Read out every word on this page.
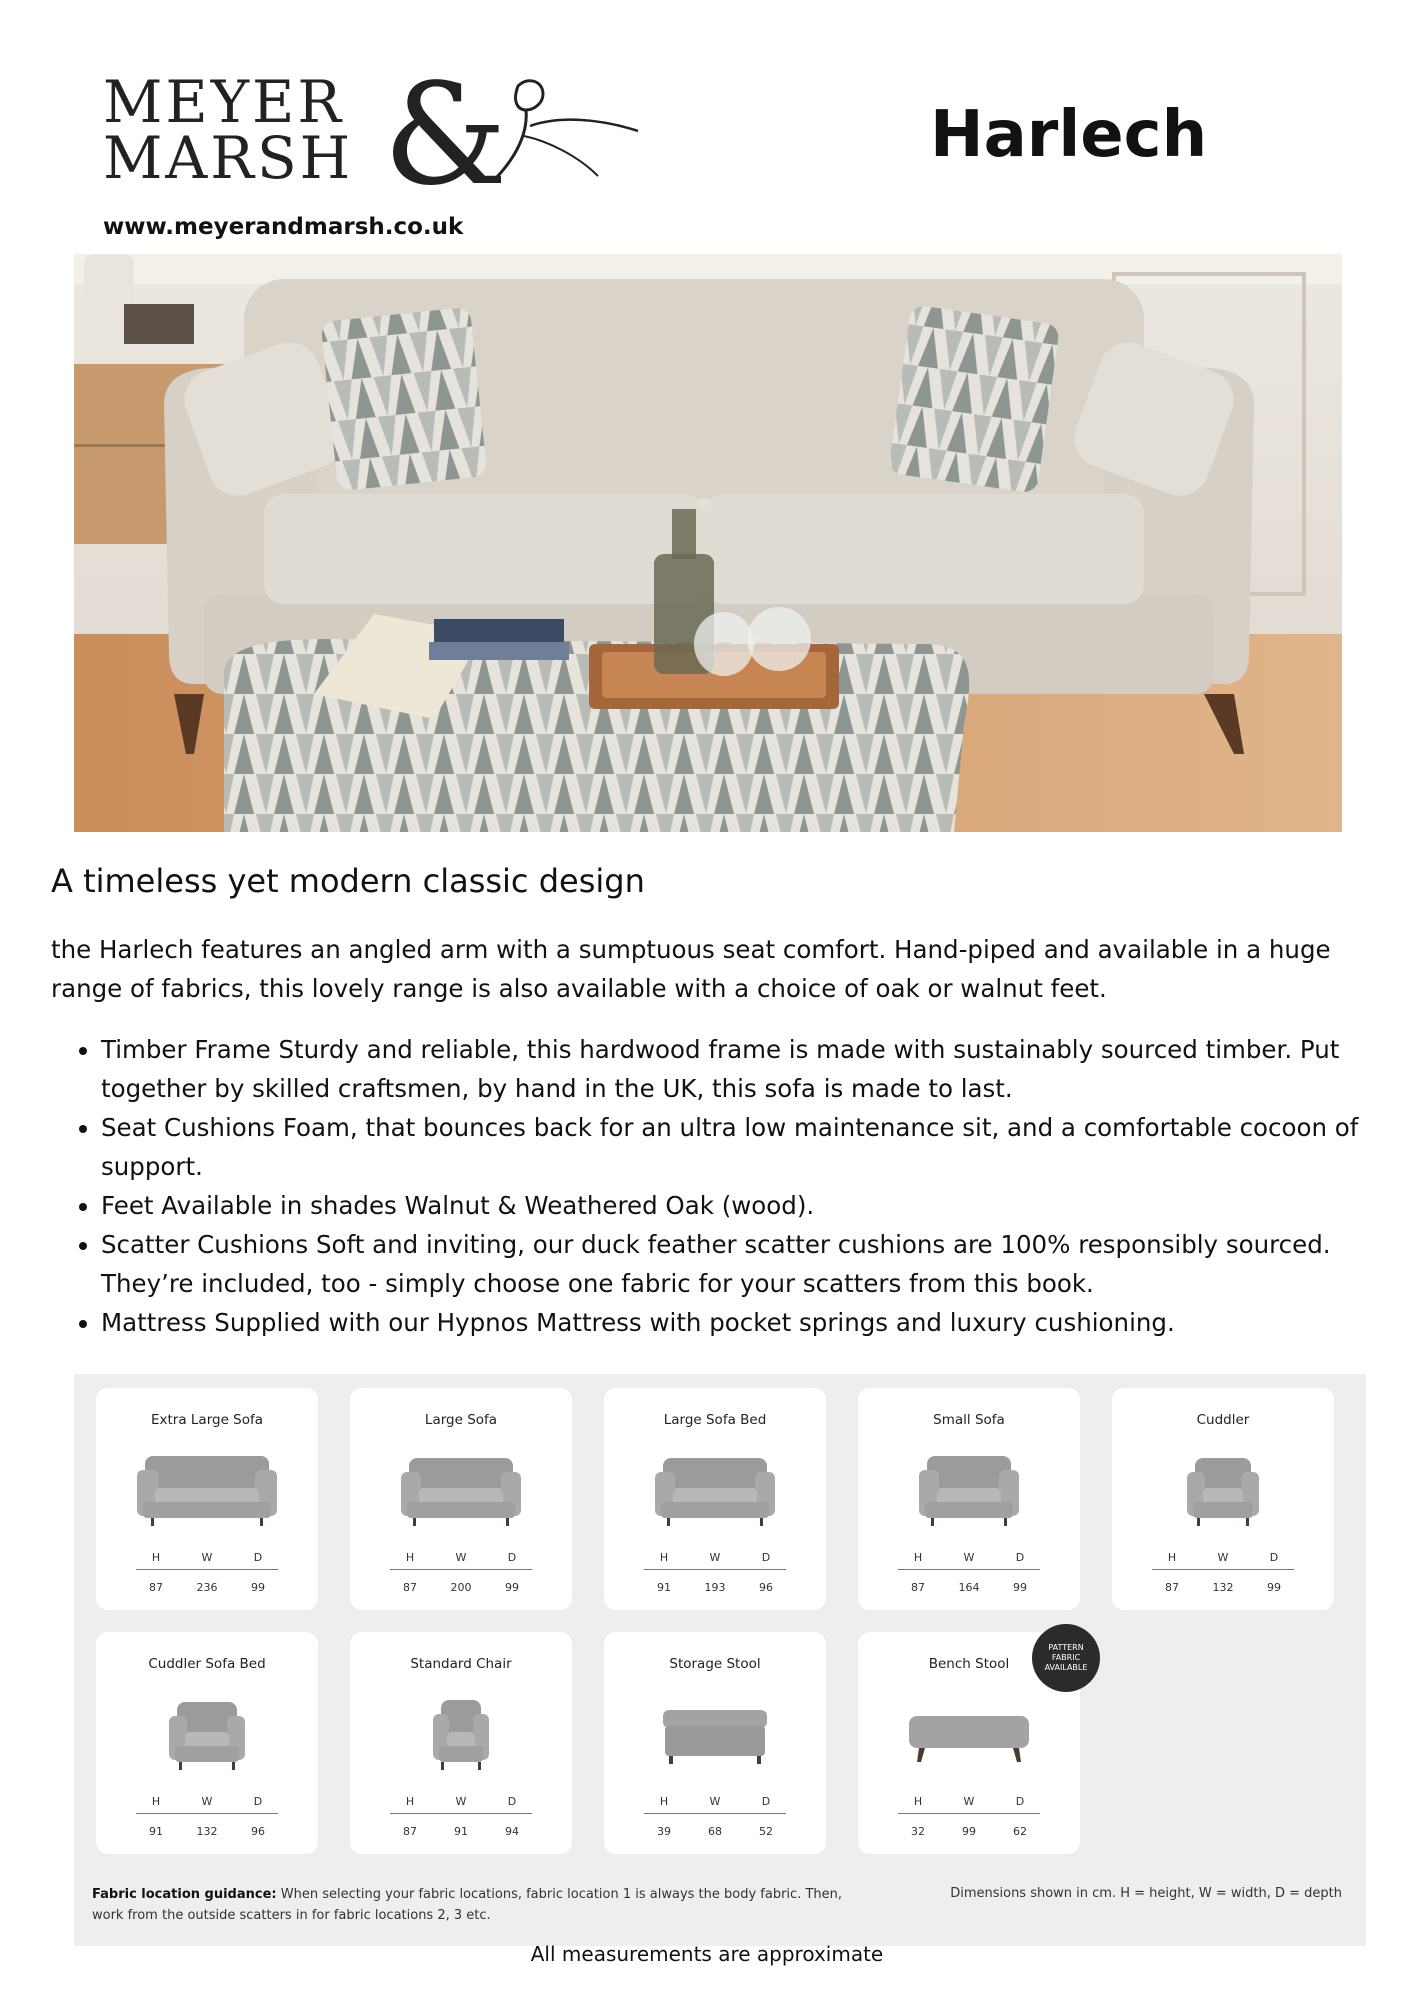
MEYER
MARSH &
www.meyerandmarsh.co.uk
Harlech
A timeless yet modern classic design

the Harlech features an angled arm with a sumptuous seat comfort. Hand-piped and available in a huge range of fabrics, this lovely range is also available with a choice of oak or walnut feet.

• Timber Frame Sturdy and reliable, this hardwood frame is made with sustainably sourced timber. Put together by skilled craftsmen, by hand in the UK, this sofa is made to last.
• Seat Cushions Foam, that bounces back for an ultra low maintenance sit, and a comfortable cocoon of support.
• Feet Available in shades Walnut & Weathered Oak (wood).
• Scatter Cushions Soft and inviting, our duck feather scatter cushions are 100% responsibly sourced. They’re included, too - simply choose one fabric for your scatters from this book.
• Mattress Supplied with our Hypnos Mattress with pocket springs and luxury cushioning.
Extra Large Sofa
H	W	D
87	236	99
Large Sofa
H	W	D
87	200	99
Large Sofa Bed
H	W	D
91	193	96
Small Sofa
H	W	D
87	164	99
Cuddler
H	W	D
87	132	99
Cuddler Sofa Bed
H	W	D
91	132	96
Standard Chair
H	W	D
87	91	94
Storage Stool
H	W	D
39	68	52
Bench Stool
H	W	D
32	99	62
PATTERN
FABRIC
AVAILABLE
Fabric location guidance: When selecting your fabric locations, fabric location 1 is always the body fabric. Then, work from the outside scatters in for fabric locations 2, 3 etc.
Dimensions shown in cm. H = height, W = width, D = depth
All measurements are approximate
